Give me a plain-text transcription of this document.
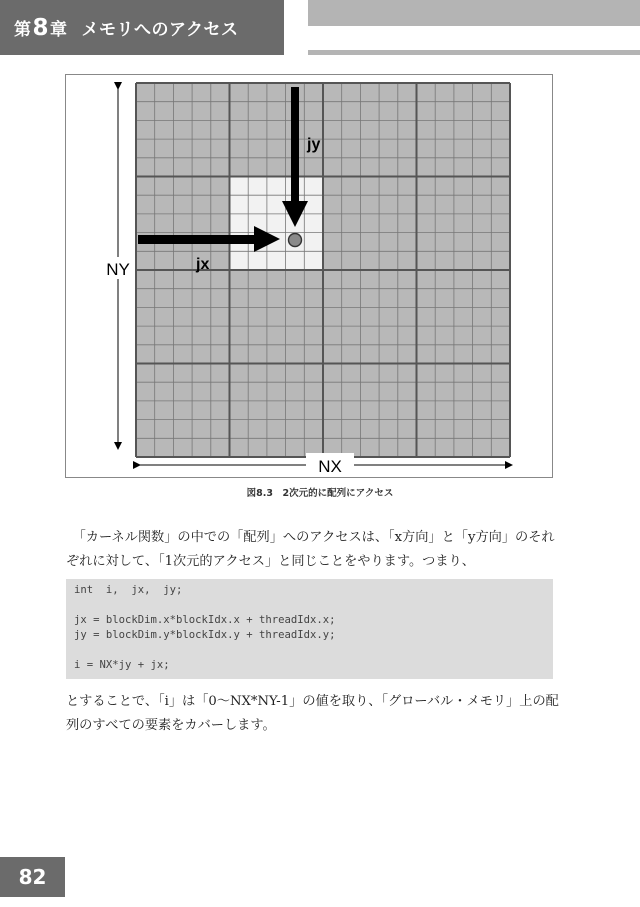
第 8 章 メモリへのアクセス
NY
NX
jy
jx
図8.3　2次元的に配列にアクセス
　「カーネル関数」の中での「配列」へのアクセスは、「x方向」と「y方向」のそれ
ぞれに対して、「1次元的アクセス」と同じことをやります。つまり、
int  i,  jx,  jy;
jx = blockDim.x*blockIdx.x + threadIdx.x;
jy = blockDim.y*blockIdx.y + threadIdx.y;
i = NX*jy + jx;
とすることで、「i」は「0〜NX*NY-1」の値を取り、「グローバル・メモリ」上の配
列のすべての要素をカバーします。
82
